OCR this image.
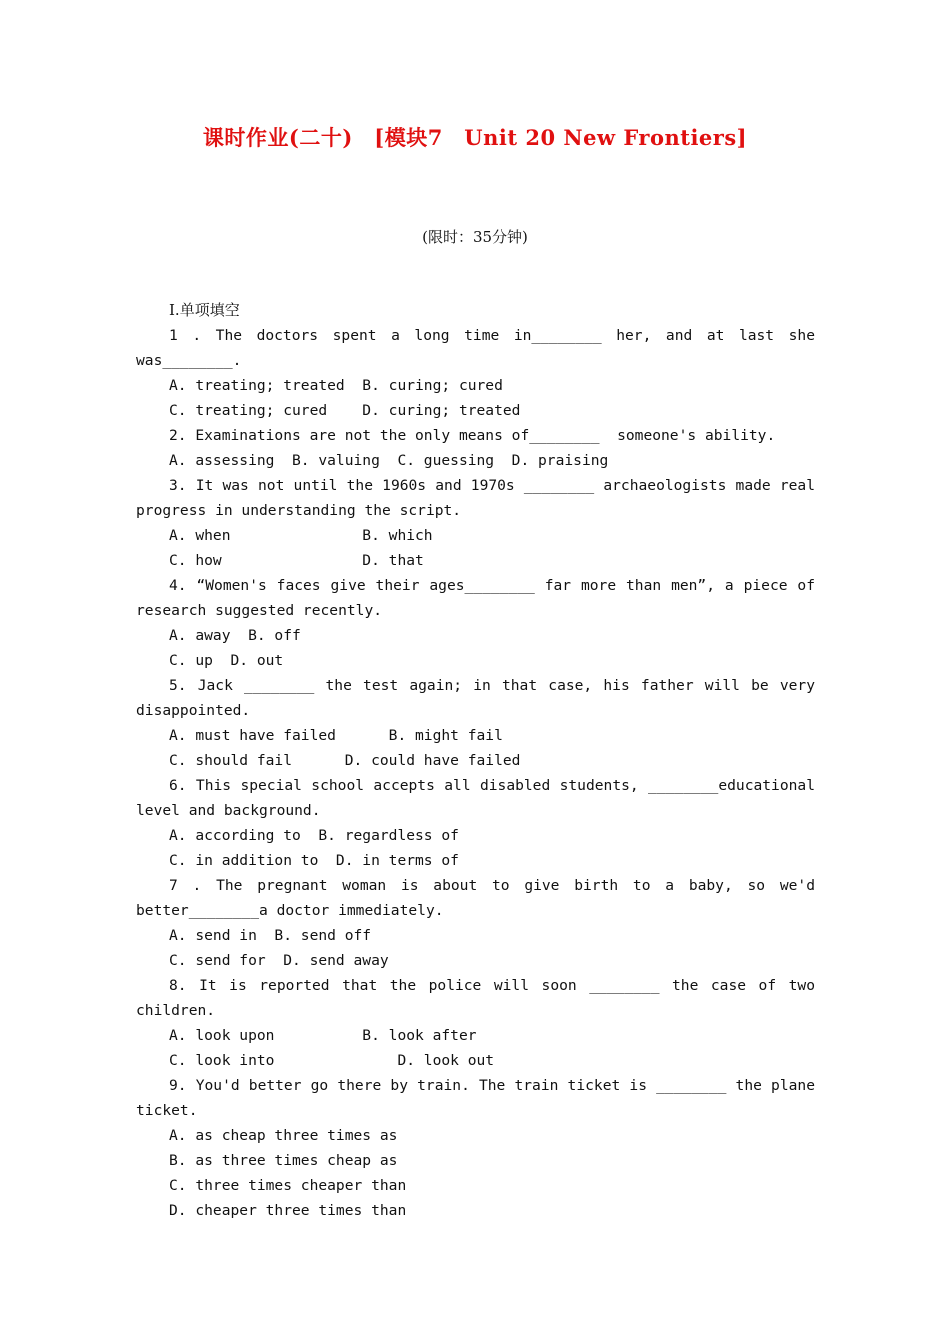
课时作业(二十)　[模块7　Unit 20 New Frontiers]
(限时：35分钟)
Ⅰ.单项填空
1 . The doctors spent a long time in________ her, and at last she
was________.
A. treating; treated  B. curing; cured
C. treating; cured    D. curing; treated
2. Examinations are not the only means of________  someone's ability.
A. assessing  B. valuing  C. guessing  D. praising
3. It was not until the 1960s and 1970s ________ archaeologists made real
progress in understanding the script.
A. when               B. which
C. how                D. that
4. “Women's faces give their ages________ far more than men”, a piece of
research suggested recently.
A. away  B. off
C. up  D. out
5. Jack ________ the test again; in that case, his father will be very
disappointed.
A. must have failed      B. might fail
C. should fail      D. could have failed
6. This special school accepts all disabled students, ________educational
level and background.
A. according to  B. regardless of
C. in addition to  D. in terms of
7 . The pregnant woman is about to give birth to a baby, so we'd
better________a doctor immediately.
A. send in  B. send off
C. send for  D. send away
8. It is reported that the police will soon ________ the case of two
children.
A. look upon          B. look after
C. look into              D. look out
9. You'd better go there by train. The train ticket is ________ the plane
ticket.
A. as cheap three times as
B. as three times cheap as
C. three times cheaper than
D. cheaper three times than
